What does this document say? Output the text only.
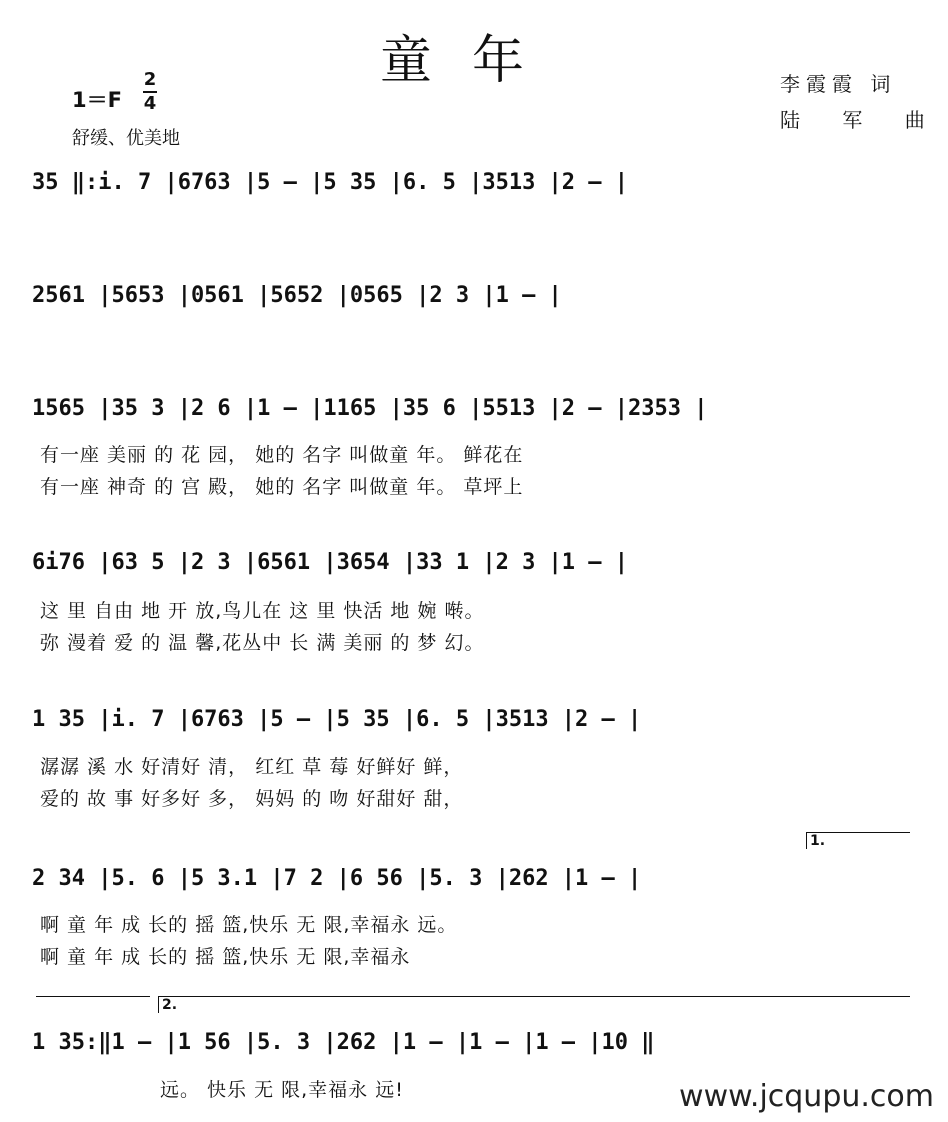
童年
1＝F
2
4
舒缓、优美地
李霞霞 词
陆 军 曲
35 ‖:i. 7 |6763 |5 – |5 35 |6. 5 |3513 |2 – |
2561 |5653 |0561 |5652 |0565 |2 3 |1 – |
1565 |35 3 |2 6 |1 – |1165 |35 6 |5513 |2 – |2353 |
有一座 美丽 的 花 园， 她的 名字 叫做童 年。 鲜花在
有一座 神奇 的 宫 殿， 她的 名字 叫做童 年。 草坪上
6i76 |63 5 |2 3 |6561 |3654 |33 1 |2 3 |1 – |
这 里 自由 地 开 放,鸟儿在 这 里 快活 地 婉 啭。
弥 漫着 爱 的 温 馨,花丛中 长 满 美丽 的 梦 幻。
1 35 |i. 7 |6763 |5 – |5 35 |6. 5 |3513 |2 – |
潺潺 溪 水 好清好 清， 红红 草 莓 好鲜好 鲜，
爱的 故 事 好多好 多， 妈妈 的 吻 好甜好 甜，
1.
2 34 |5. 6 |5 3.1 |7 2 |6 56 |5. 3 |262 |1 – |
啊 童 年 成 长的 摇 篮,快乐 无 限,幸福永 远。
啊 童 年 成 长的 摇 篮,快乐 无 限,幸福永
2.
1 35:‖1 – |1 56 |5. 3 |262 |1 – |1 – |1 – |10 ‖
远。 快乐 无 限,幸福永 远!	www.jcqupu.com
